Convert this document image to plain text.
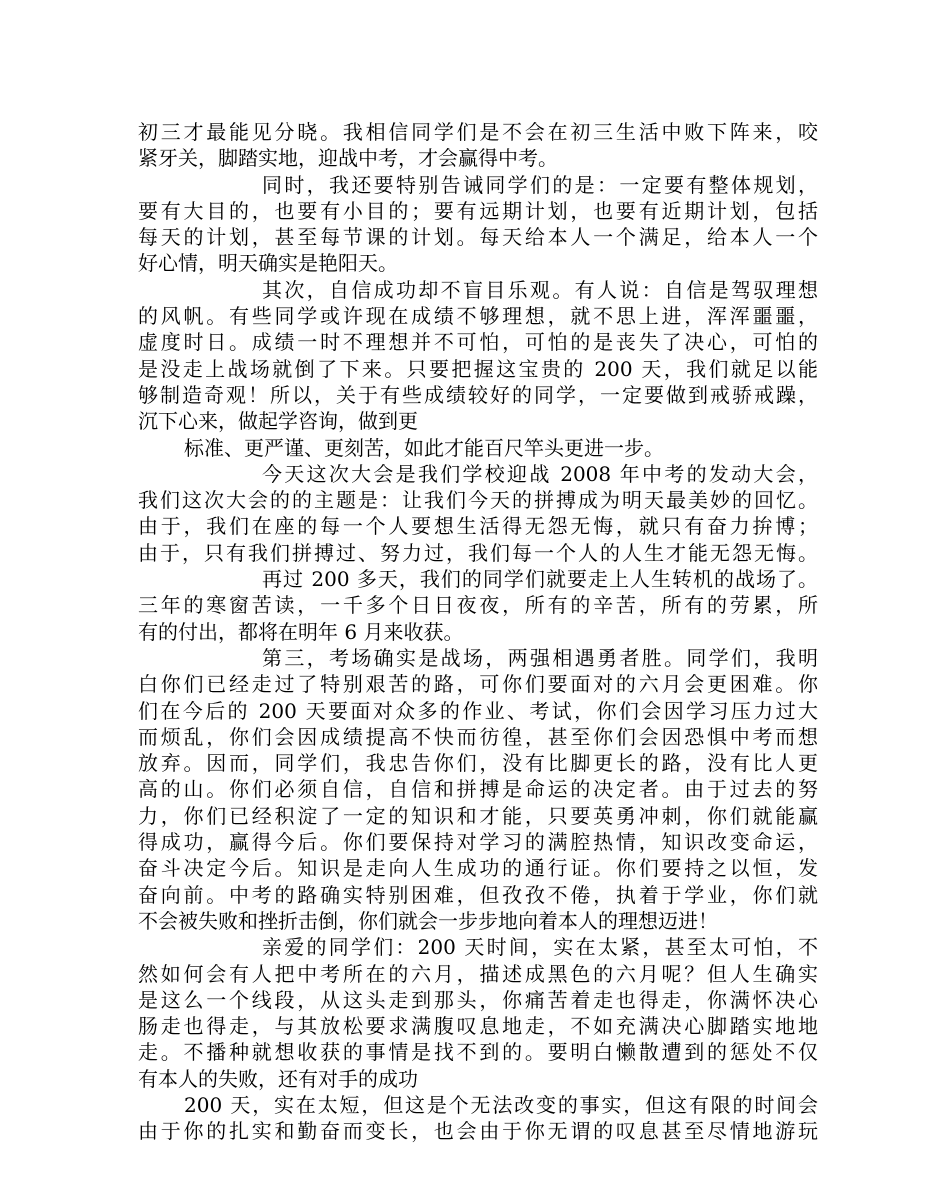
初三才最能见分晓。我相信同学们是不会在初三生活中败下阵来，咬
紧牙关，脚踏实地，迎战中考，才会赢得中考。
同时，我还要特别告诫同学们的是：一定要有整体规划，
要有大目的，也要有小目的；要有远期计划，也要有近期计划，包括
每天的计划，甚至每节课的计划。每天给本人一个满足，给本人一个
好心情，明天确实是艳阳天。
其次，自信成功却不盲目乐观。有人说：自信是驾驭理想
的风帆。有些同学或许现在成绩不够理想，就不思上进，浑浑噩噩，
虚度时日。成绩一时不理想并不可怕，可怕的是丧失了决心，可怕的
是没走上战场就倒了下来。只要把握这宝贵的 200 天，我们就足以能
够制造奇观！所以，关于有些成绩较好的同学，一定要做到戒骄戒躁，
沉下心来，做起学咨询，做到更
标准、更严谨、更刻苦，如此才能百尺竿头更进一步。
今天这次大会是我们学校迎战 2008 年中考的发动大会，
我们这次大会的的主题是：让我们今天的拼搏成为明天最美妙的回忆。
由于，我们在座的每一个人要想生活得无怨无悔，就只有奋力拚博；
由于，只有我们拼搏过、努力过，我们每一个人的人生才能无怨无悔。
再过 200 多天，我们的同学们就要走上人生转机的战场了。
三年的寒窗苦读，一千多个日日夜夜，所有的辛苦，所有的劳累，所
有的付出，都将在明年 6 月来收获。
第三，考场确实是战场，两强相遇勇者胜。同学们，我明
白你们已经走过了特别艰苦的路，可你们要面对的六月会更困难。你
们在今后的 200 天要面对众多的作业、考试，你们会因学习压力过大
而烦乱，你们会因成绩提高不快而彷徨，甚至你们会因恐惧中考而想
放弃。因而，同学们，我忠告你们，没有比脚更长的路，没有比人更
高的山。你们必须自信，自信和拼搏是命运的决定者。由于过去的努
力，你们已经积淀了一定的知识和才能，只要英勇冲刺，你们就能赢
得成功，赢得今后。你们要保持对学习的满腔热情，知识改变命运，
奋斗决定今后。知识是走向人生成功的通行证。你们要持之以恒，发
奋向前。中考的路确实特别困难，但孜孜不倦，执着于学业，你们就
不会被失败和挫折击倒，你们就会一步步地向着本人的理想迈进！
亲爱的同学们：200 天时间，实在太紧，甚至太可怕，不
然如何会有人把中考所在的六月，描述成黑色的六月呢？但人生确实
是这么一个线段，从这头走到那头，你痛苦着走也得走，你满怀决心
肠走也得走，与其放松要求满腹叹息地走，不如充满决心脚踏实地地
走。不播种就想收获的事情是找不到的。要明白懒散遭到的惩处不仅
有本人的失败，还有对手的成功
200 天，实在太短，但这是个无法改变的事实，但这有限的时间会
由于你的扎实和勤奋而变长，也会由于你无谓的叹息甚至尽情地游玩
